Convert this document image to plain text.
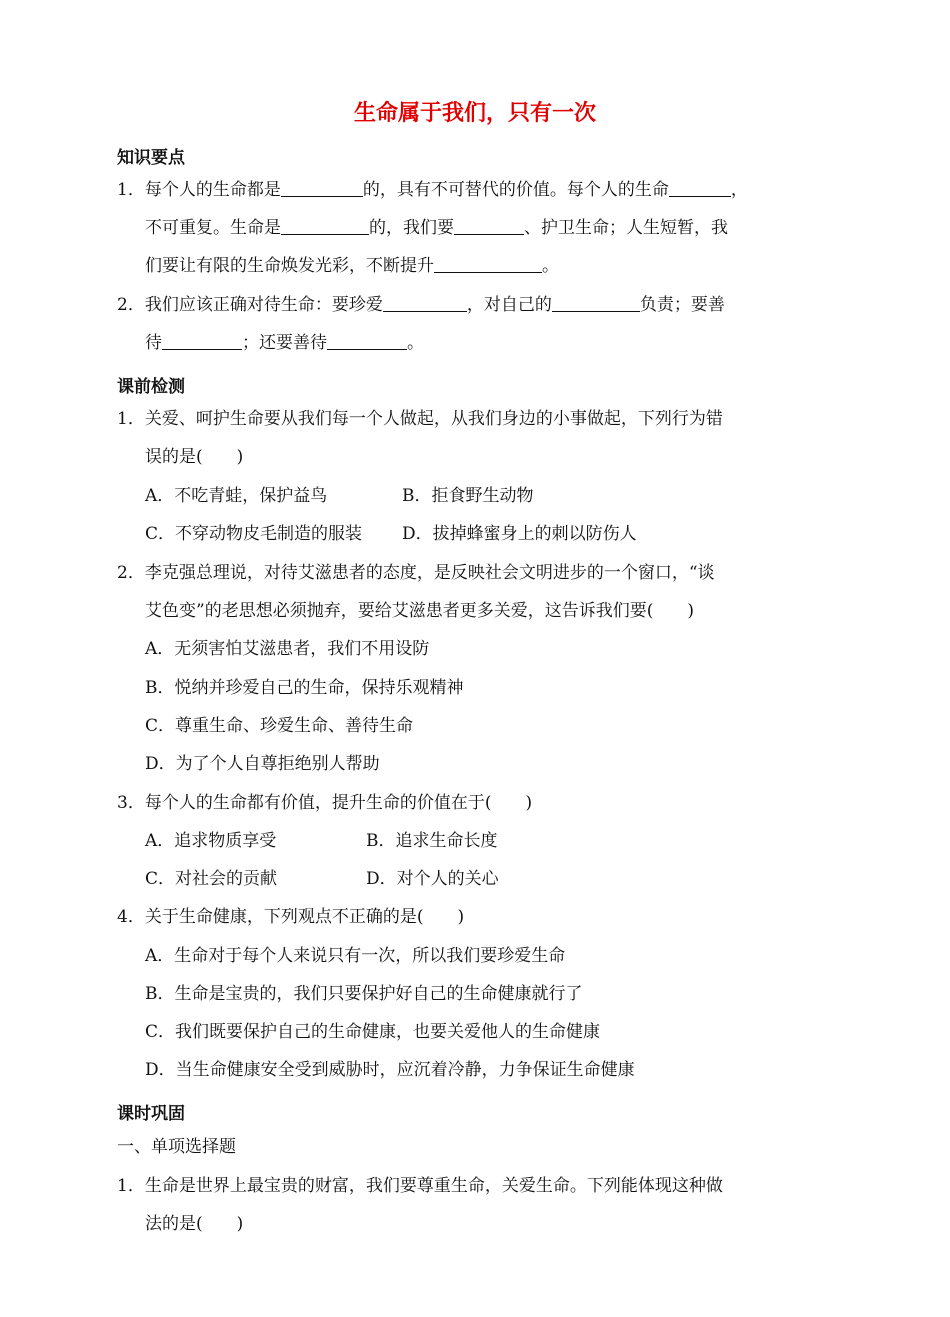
生命属于我们，只有一次
知识要点
1．每个人的生命都是	的，具有不可替代的价值。每个人的生命	，
不可重复。生命是	的，我们要	、护卫生命；人生短暂，我
们要让有限的生命焕发光彩，不断提升	。
2．我们应该正确对待生命：要珍爱	，对自己的	负责；要善
待	；还要善待	。
课前检测
1．关爱、呵护生命要从我们每一个人做起，从我们身边的小事做起，下列行为错
误的是(　　)
A．不吃青蛙，保护益鸟	B．拒食野生动物
C．不穿动物皮毛制造的服装 D．拔掉蜂蜜身上的刺以防伤人
2．李克强总理说，对待艾滋患者的态度，是反映社会文明进步的一个窗口，“谈
艾色变”的老思想必须抛弃，要给艾滋患者更多关爱，这告诉我们要(　　)
A．无须害怕艾滋患者，我们不用设防
B．悦纳并珍爱自己的生命，保持乐观精神
C．尊重生命、珍爱生命、善待生命
D．为了个人自尊拒绝别人帮助
3．每个人的生命都有价值，提升生命的价值在于(　　)
A．追求物质享受	B．追求生命长度
C．对社会的贡献	D．对个人的关心
4．关于生命健康，下列观点不正确的是(　　)
A．生命对于每个人来说只有一次，所以我们要珍爱生命
B．生命是宝贵的，我们只要保护好自己的生命健康就行了
C．我们既要保护自己的生命健康，也要关爱他人的生命健康
D．当生命健康安全受到威胁时，应沉着冷静，力争保证生命健康
课时巩固
一、单项选择题
1．生命是世界上最宝贵的财富，我们要尊重生命，关爱生命。下列能体现这种做
法的是(　　)
